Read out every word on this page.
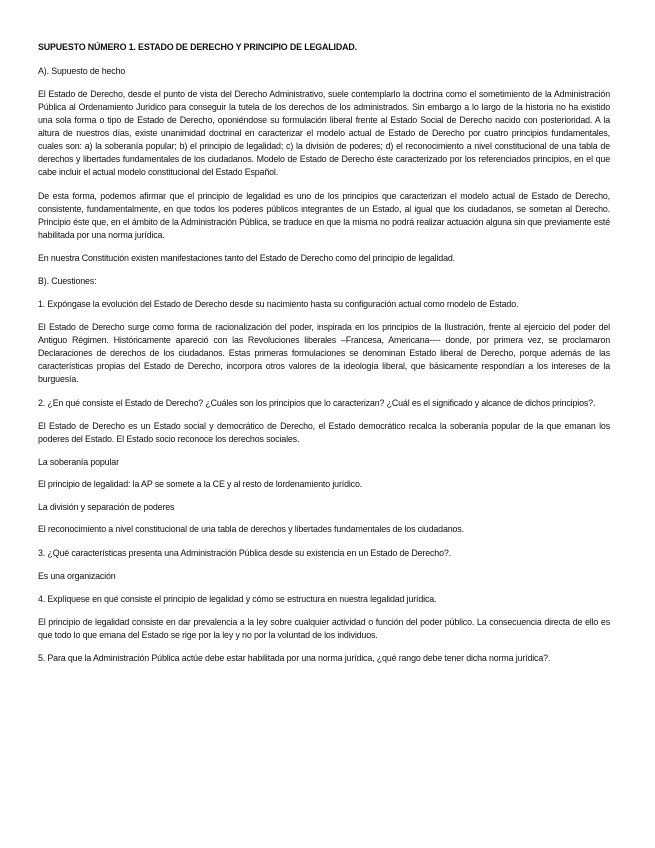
SUPUESTO NÚMERO 1. ESTADO DE DERECHO Y PRINCIPIO DE LEGALIDAD.

A). Supuesto de hecho

El Estado de Derecho, desde el punto de vista del Derecho Administrativo, suele contemplarlo la doctrina como el sometimiento de la Administración Pública al Ordenamiento Jurídico para conseguir la tutela de los derechos de los administrados. Sin embargo a lo largo de la historia no ha existido una sola forma o tipo de Estado de Derecho, oponiéndose su formulación liberal frente al Estado Social de Derecho nacido con posterioridad. A la altura de nuestros días, existe unanimidad doctrinal en caracterizar el modelo actual de Estado de Derecho por cuatro principios fundamentales, cuales son: a) la soberanía popular; b) el principio de legalidad; c) la división de poderes; d) el reconocimiento a nivel constitucional de una tabla de derechos y libertades fundamentales de los ciudadanos. Modelo de Estado de Derecho éste caracterizado por los referenciados principios, en el que cabe incluir el actual modelo constitucional del Estado Español.

De esta forma, podemos afirmar que el principio de legalidad es uno de los principios que caracterizan el modelo actual de Estado de Derecho, consistente, fundamentalmente, en que todos los poderes públicos integrantes de un Estado, al igual que los ciudadanos, se sometan al Derecho. Principio éste que, en el ámbito de la Administración Pública, se traduce en que la misma no podrá realizar actuación alguna sin que previamente esté habilitada por una norma jurídica.

En nuestra Constitución existen manifestaciones tanto del Estado de Derecho como del principio de legalidad.

B). Cuestiones:

1. Expóngase la evolución del Estado de Derecho desde su nacimiento hasta su configuración actual como modelo de Estado.

El Estado de Derecho surge como forma de racionalización del poder, inspirada en los principios de la Ilustración, frente al ejercicio del poder del Antiguo Régimen. Históricamente apareció con las Revoluciones liberales –Francesa, Americana---- donde, por primera vez, se proclamaron Declaraciones de derechos de los ciudadanos. Estas primeras formulaciones se denominan Estado liberal de Derecho, porque además de las características propias del Estado de Derecho, incorpora otros valores de la ideología liberal, que básicamente respondían a los intereses de la burguesía.

2. ¿En qué consiste el Estado de Derecho? ¿Cuáles son los principios que lo caracterizan? ¿Cuál es el significado y alcance de dichos principios?.

El Estado de Derecho es un Estado social y democrático de Derecho, el Estado democrático recalca la soberanía popular de la que emanan los poderes del Estado. El Estado socio reconoce los derechos sociales.

La soberanía popular

El principio de legalidad: la AP se somete a la CE y al resto de lordenamiento jurídico.

La división y separación de poderes

El reconocimiento a nivel constitucional de una tabla de derechos y libertades fundamentales de los ciudadanos.

3. ¿Qué características presenta una Administración Pública desde su existencia en un Estado de Derecho?.

Es una organización

4. Explíquese en qué consiste el principio de legalidad y cómo se estructura en nuestra legalidad jurídica.

El principio de legalidad consiste en dar prevalencia a la ley sobre cualquier actividad o función del poder público. La consecuencia directa de ello es que todo lo que emana del Estado se rige por la ley y no por la voluntad de los individuos.

5. Para que la Administración Pública actúe debe estar habilitada por una norma jurídica, ¿qué rango debe tener dicha norma jurídica?.
